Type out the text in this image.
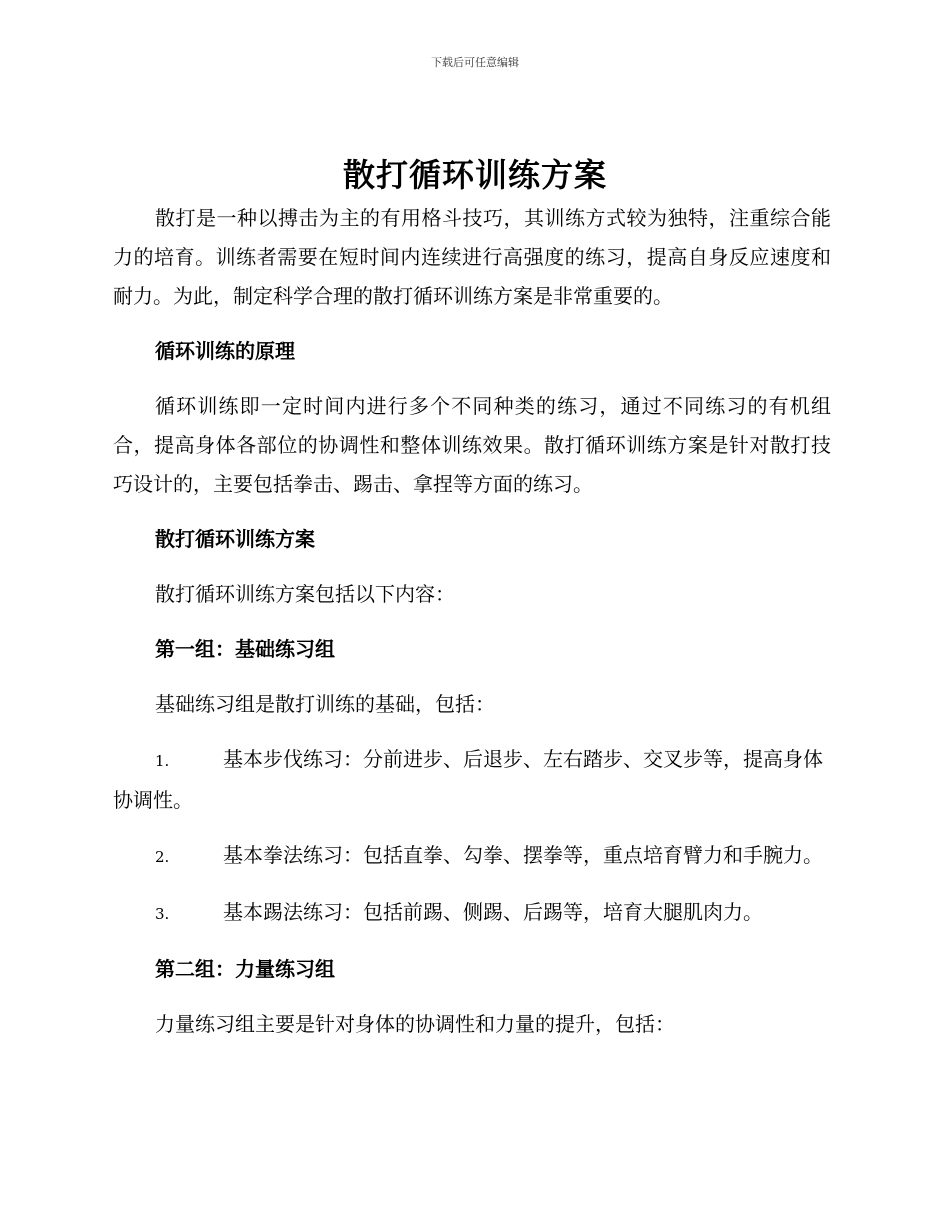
下载后可任意编辑
散打循环训练方案

散打是一种以搏击为主的有用格斗技巧，其训练方式较为独特，注重综合能力的培育。训练者需要在短时间内连续进行高强度的练习，提高自身反应速度和耐力。为此，制定科学合理的散打循环训练方案是非常重要的。

循环训练的原理

循环训练即一定时间内进行多个不同种类的练习，通过不同练习的有机组合，提高身体各部位的协调性和整体训练效果。散打循环训练方案是针对散打技巧设计的，主要包括拳击、踢击、拿捏等方面的练习。

散打循环训练方案

散打循环训练方案包括以下内容：

第一组：基础练习组

基础练习组是散打训练的基础，包括：

1.	基本步伐练习：分前进步、后退步、左右踏步、交叉步等，提高身体协调性。

2.	基本拳法练习：包括直拳、勾拳、摆拳等，重点培育臂力和手腕力。

3.	基本踢法练习：包括前踢、侧踢、后踢等，培育大腿肌肉力。

第二组：力量练习组

力量练习组主要是针对身体的协调性和力量的提升，包括：
